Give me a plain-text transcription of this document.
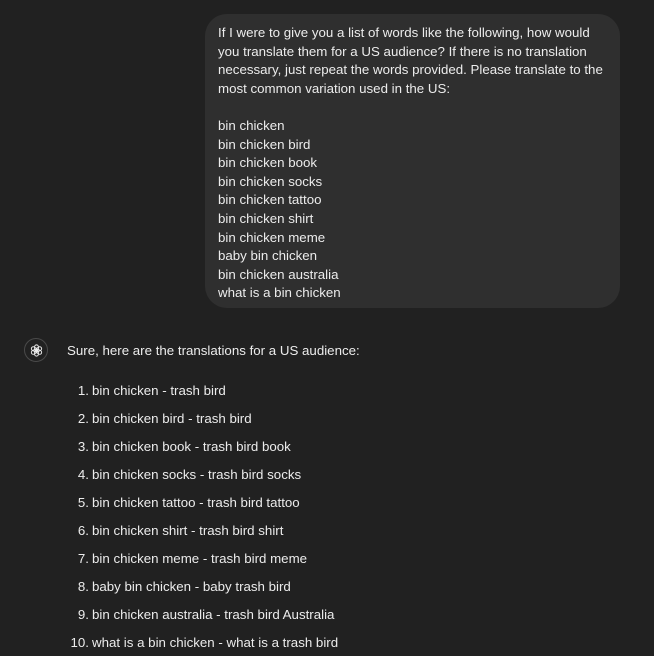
If I were to give you a list of words like the following, how would you translate them for a US audience? If there is no translation necessary, just repeat the words provided. Please translate to the most common variation used in the US:

bin chicken
bin chicken bird
bin chicken book
bin chicken socks
bin chicken tattoo
bin chicken shirt
bin chicken meme
baby bin chicken
bin chicken australia
what is a bin chicken
Sure, here are the translations for a US audience:
1. bin chicken - trash bird
2. bin chicken bird - trash bird
3. bin chicken book - trash bird book
4. bin chicken socks - trash bird socks
5. bin chicken tattoo - trash bird tattoo
6. bin chicken shirt - trash bird shirt
7. bin chicken meme - trash bird meme
8. baby bin chicken - baby trash bird
9. bin chicken australia - trash bird Australia
10. what is a bin chicken - what is a trash bird
